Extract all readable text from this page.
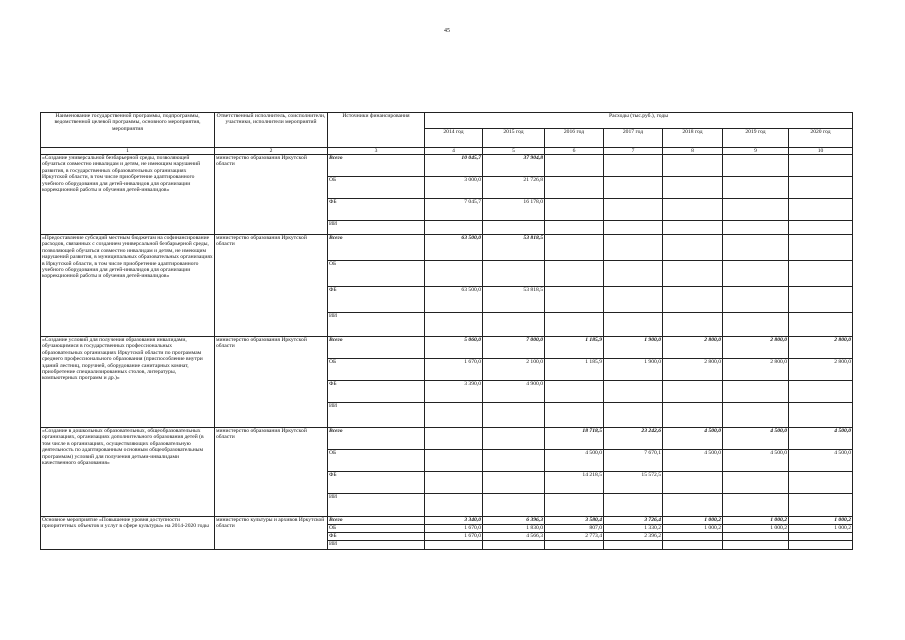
45
Наименование государственной программы, подпрограммы, ведомственной целевой программы, основного мероприятия, мероприятия	Ответственный исполнитель, соисполнители, участники, исполнители мероприятий	Источники финансирования	Расходы (тыс.руб.), годы						
			2014 год	2015 год	2016 год	2017 год	2018 год	2019 год	2020 год
1	2	3	4	5	6	7	8	9	10
«Создание универсальной безбарьерной среды, позволяющей обучаться совместно инвалидам и детям, не имеющим нарушений развития, в государственных образовательных организациях Иркутской области, в том числе приобретение адаптированного учебного оборудования для детей-инвалидов для организации коррекционной работы и обучения детей-инвалидов»	министерство образования Иркутской области	Всего	10 045,7	37 904,8					
		ОБ	3 000,0	21 726,8					
		ФБ	7 045,7	16 178,0					
		ИИ							
«Предоставление субсидий местным бюджетам на софинансирование расходов, связанных с созданием универсальной безбарьерной среды, позволяющей обучаться совместно инвалидам и детям, не имеющим нарушений развития, в муниципальных образовательных организациях в Иркутской области, в том числе приобретение адаптированного учебного оборудования для детей-инвалидов для организации коррекционной работы и обучения детей-инвалидов»	министерство образования Иркутской области	Всего	63 500,0	53 818,5					
		ОБ							
		ФБ	63 500,0	53 818,5					
		ИИ							
«Создание условий для получения образования инвалидами, обучающимися в государственных профессиональных образовательных организациях Иркутской области по программам среднего профессионального образования (приспособление внутри зданий лестниц, поручней, оборудование санитарных комнат, приобретение специализированных столов, литературы, компьютерных программ и др.)»	министерство образования Иркутской области	Всего	5 060,0	7 000,0	1 185,9	1 900,0	2 800,0	2 800,0	2 800,0
		ОБ	1 670,0	2 100,0	1 185,9	1 900,0	2 800,0	2 800,0	2 800,0
		ФБ	3 390,0	4 900,0					
		ИИ							
«Создание в дошкольных образовательных, общеобразовательных организациях, организациях дополнительного образования детей (в том числе в организациях, осуществляющих образовательную деятельность по адаптированным основным общеобразовательным программам) условий для получения детьми-инвалидами качественного образования»	министерство образования Иркутской области	Всего			18 718,5	23 242,6	4 500,0	4 500,0	4 500,0
		ОБ			4 500,0	7 670,1	4 500,0	4 500,0	4 500,0
		ФБ			14 218,5	15 572,5			
		ИИ							
Основное мероприятие «Повышение уровня доступности приоритетных объектов и услуг в сфере культуры» на 2014-2020 годы	министерство культуры и архивов Иркутской области	Всего	3 340,0	6 396,3	3 580,4	3 726,4	1 000,2	1 000,2	1 000,2
		ОБ	1 670,0	1 830,0	807,0	1 330,2	1 000,2	1 000,2	1 000,2
		ФБ	1 670,0	4 566,3	2 773,4	2 396,2			
		ИИ							
